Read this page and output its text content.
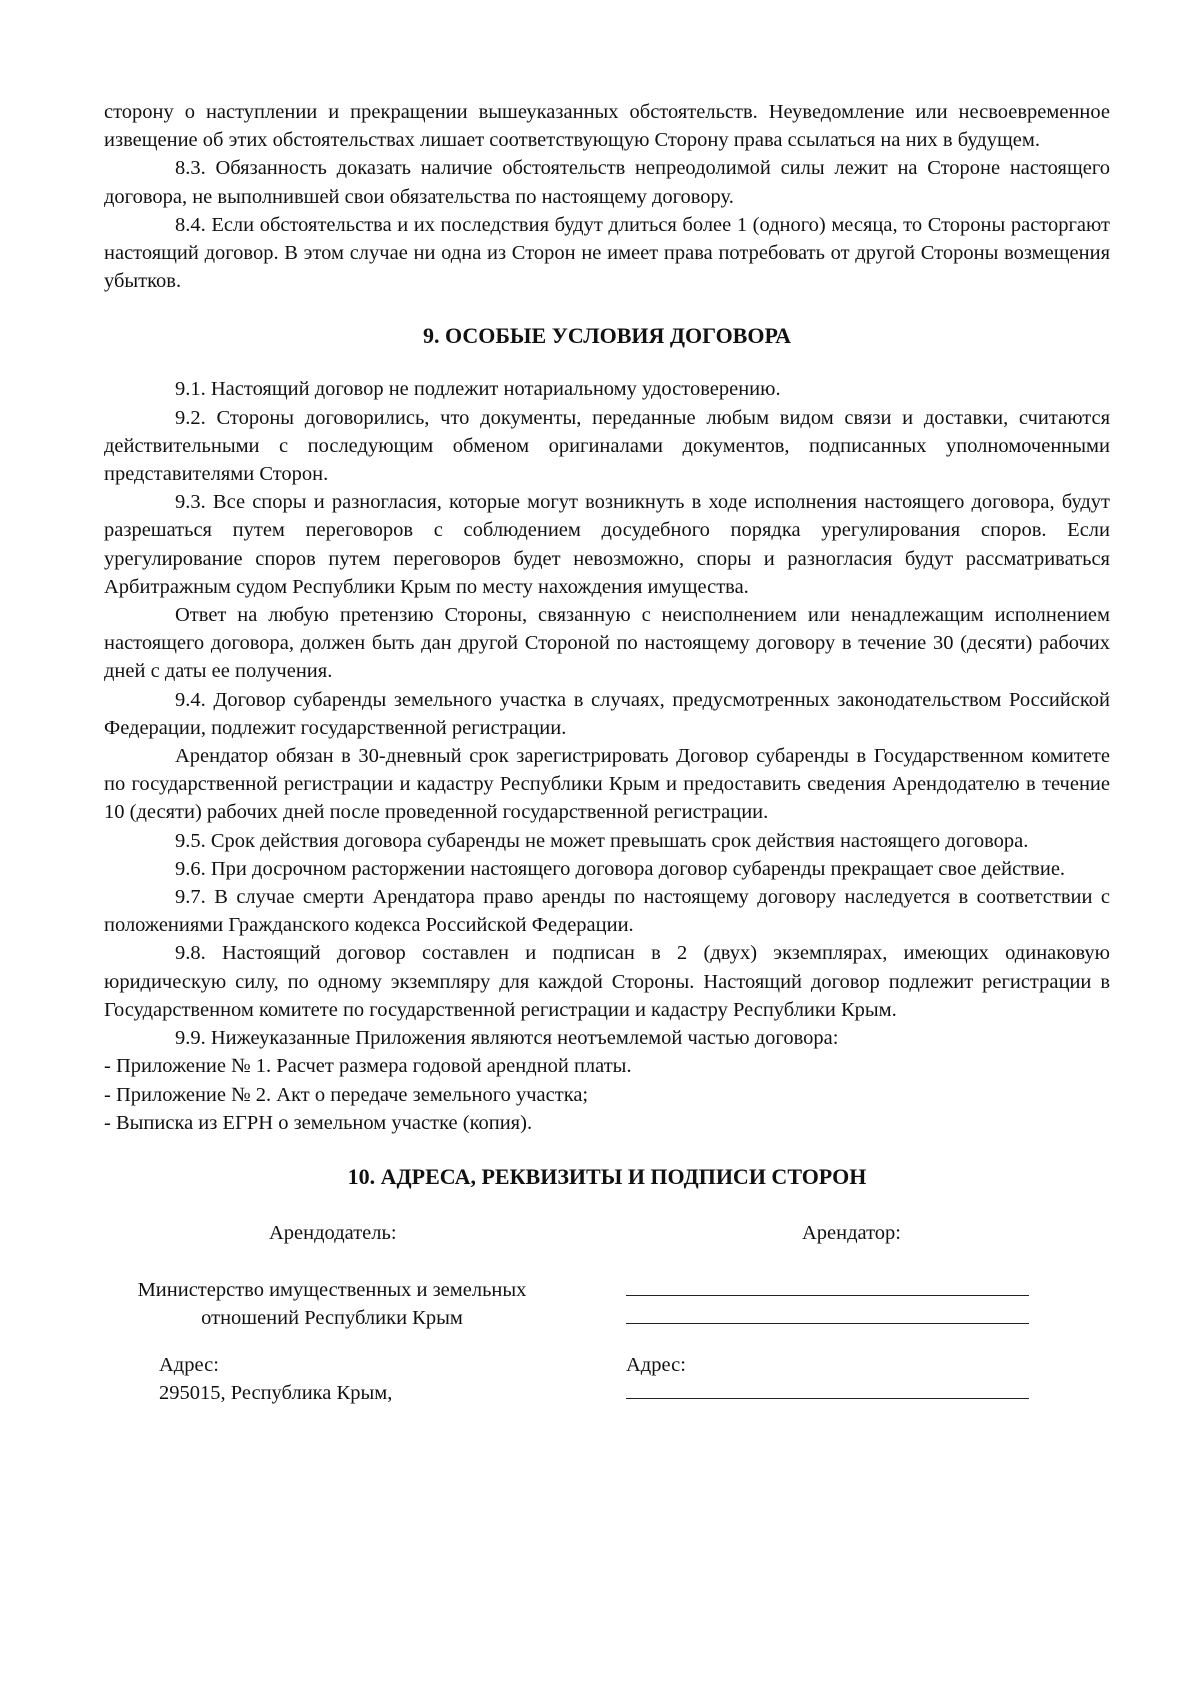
сторону о наступлении и прекращении вышеуказанных обстоятельств. Неуведомление или несвоевременное извещение об этих обстоятельствах лишает соответствующую Сторону права ссылаться на них в будущем.

8.3. Обязанность доказать наличие обстоятельств непреодолимой силы лежит на Стороне настоящего договора, не выполнившей свои обязательства по настоящему договору.

8.4. Если обстоятельства и их последствия будут длиться более 1 (одного) месяца, то Стороны расторгают настоящий договор. В этом случае ни одна из Сторон не имеет права потребовать от другой Стороны возмещения убытков.

9. ОСОБЫЕ УСЛОВИЯ ДОГОВОРА

9.1. Настоящий договор не подлежит нотариальному удостоверению.

9.2. Стороны договорились, что документы, переданные любым видом связи и доставки, считаются действительными с последующим обменом оригиналами документов, подписанных уполномоченными представителями Сторон.

9.3. Все споры и разногласия, которые могут возникнуть в ходе исполнения настоящего договора, будут разрешаться путем переговоров с соблюдением досудебного порядка урегулирования споров. Если урегулирование споров путем переговоров будет невозможно, споры и разногласия будут рассматриваться Арбитражным судом Республики Крым по месту нахождения имущества.

Ответ на любую претензию Стороны, связанную с неисполнением или ненадлежащим исполнением настоящего договора, должен быть дан другой Стороной по настоящему договору в течение 30 (десяти) рабочих дней с даты ее получения.

9.4. Договор субаренды земельного участка в случаях, предусмотренных законодательством Российской Федерации, подлежит государственной регистрации.

Арендатор обязан в 30-дневный срок зарегистрировать Договор субаренды в Государственном комитете по государственной регистрации и кадастру Республики Крым и предоставить сведения Арендодателю в течение 10 (десяти) рабочих дней после проведенной государственной регистрации.

9.5. Срок действия договора субаренды не может превышать срок действия настоящего договора.

9.6. При досрочном расторжении настоящего договора договор субаренды прекращает свое действие.

9.7. В случае смерти Арендатора право аренды по настоящему договору наследуется в соответствии с положениями Гражданского кодекса Российской Федерации.

9.8. Настоящий договор составлен и подписан в 2 (двух) экземплярах, имеющих одинаковую юридическую силу, по одному экземпляру для каждой Стороны. Настоящий договор подлежит регистрации в Государственном комитете по государственной регистрации и кадастру Республики Крым.

9.9. Нижеуказанные Приложения являются неотъемлемой частью договора:

- Приложение № 1. Расчет размера годовой арендной платы.

- Приложение № 2. Акт о передаче земельного участка;

- Выписка из ЕГРН о земельном участке (копия).

10. АДРЕСА, РЕКВИЗИТЫ И ПОДПИСИ СТОРОН

Арендодатель:	Арендатор:

Министерство имущественных и земельных

отношений Республики Крым

Адрес:

295015, Республика Крым,

Адрес:
